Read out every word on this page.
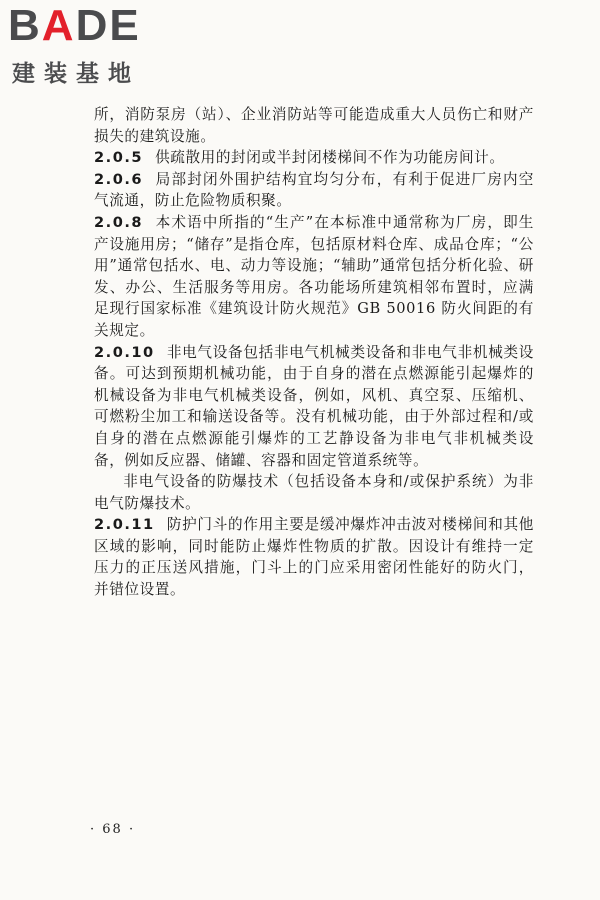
BADE
建装基地

所，消防泵房（站）、企业消防站等可能造成重大人员伤亡和财产损失的建筑设施。

2.0.5 供疏散用的封闭或半封闭楼梯间不作为功能房间计。

2.0.6 局部封闭外围护结构宜均匀分布，有利于促进厂房内空气流通，防止危险物质积聚。

2.0.8 本术语中所指的“生产”在本标准中通常称为厂房，即生产设施用房；“储存”是指仓库，包括原材料仓库、成品仓库；“公用”通常包括水、电、动力等设施；“辅助”通常包括分析化验、研发、办公、生活服务等用房。各功能场所建筑相邻布置时，应满足现行国家标准《建筑设计防火规范》GB 50016 防火间距的有关规定。

2.0.10 非电气设备包括非电气机械类设备和非电气非机械类设备。可达到预期机械功能，由于自身的潜在点燃源能引起爆炸的机械设备为非电气机械类设备，例如，风机、真空泵、压缩机、可燃粉尘加工和输送设备等。没有机械功能，由于外部过程和/或自身的潜在点燃源能引爆炸的工艺静设备为非电气非机械类设备，例如反应器、储罐、容器和固定管道系统等。

非电气设备的防爆技术（包括设备本身和/或保护系统）为非电气防爆技术。

2.0.11 防护门斗的作用主要是缓冲爆炸冲击波对楼梯间和其他区域的影响，同时能防止爆炸性物质的扩散。因设计有维持一定压力的正压送风措施，门斗上的门应采用密闭性能好的防火门，并错位设置。

· 68 ·
